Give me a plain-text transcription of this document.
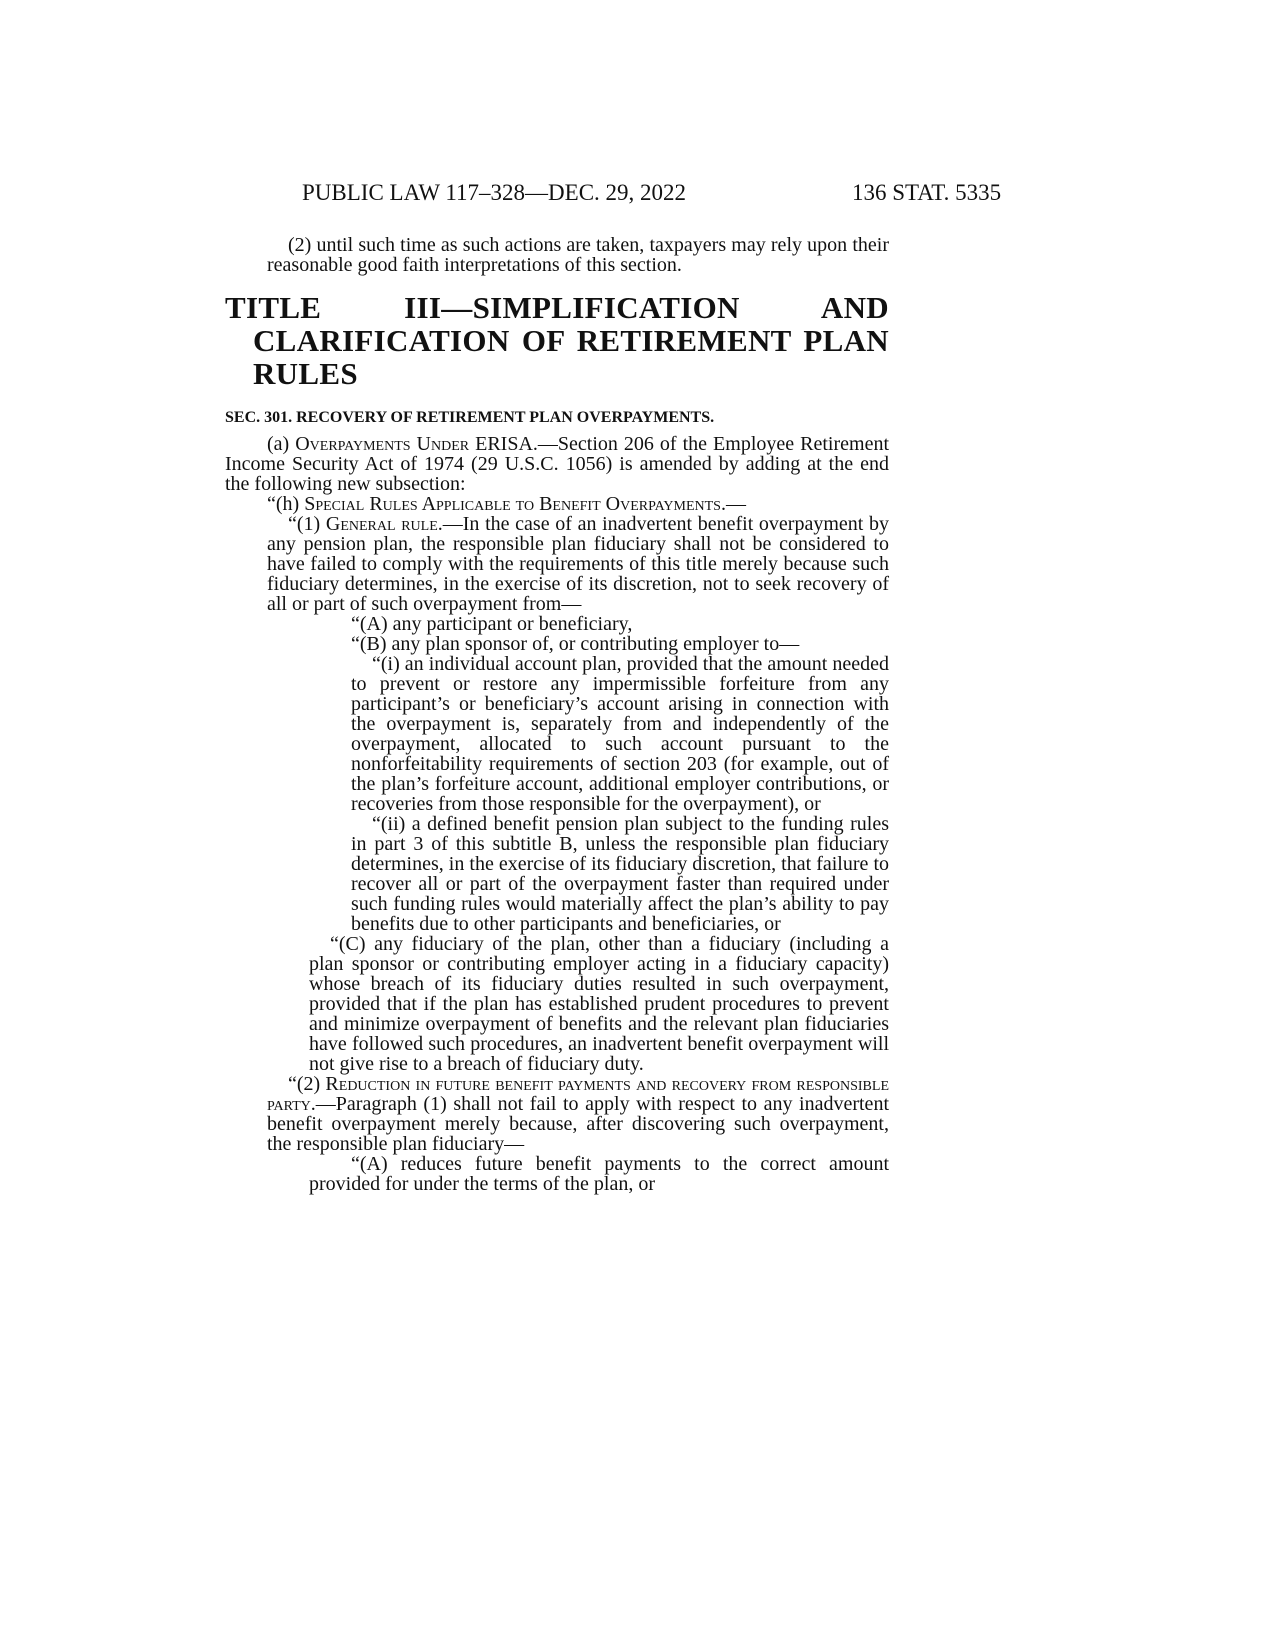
PUBLIC LAW 117–328—DEC. 29, 2022	136 STAT. 5335

(2) until such time as such actions are taken, taxpayers may rely upon their reasonable good faith interpretations of this section.

TITLE III—SIMPLIFICATION AND CLARIFICATION OF RETIREMENT PLAN RULES
SEC. 301. RECOVERY OF RETIREMENT PLAN OVERPAYMENTS.

(a) Overpayments Under ERISA.—Section 206 of the Employee Retirement Income Security Act of 1974 (29 U.S.C. 1056) is amended by adding at the end the following new subsection:

“(h) Special Rules Applicable to Benefit Overpayments.—

“(1) General rule.—In the case of an inadvertent benefit overpayment by any pension plan, the responsible plan fiduciary shall not be considered to have failed to comply with the requirements of this title merely because such fiduciary determines, in the exercise of its discretion, not to seek recovery of all or part of such overpayment from—

“(A) any participant or beneficiary,

“(B) any plan sponsor of, or contributing employer to—

“(i) an individual account plan, provided that the amount needed to prevent or restore any impermissible forfeiture from any participant’s or beneficiary’s account arising in connection with the overpayment is, separately from and independently of the overpayment, allocated to such account pursuant to the nonforfeitability requirements of section 203 (for example, out of the plan’s forfeiture account, additional employer contributions, or recoveries from those responsible for the overpayment), or

“(ii) a defined benefit pension plan subject to the funding rules in part 3 of this subtitle B, unless the responsible plan fiduciary determines, in the exercise of its fiduciary discretion, that failure to recover all or part of the overpayment faster than required under such funding rules would materially affect the plan’s ability to pay benefits due to other participants and beneficiaries, or

“(C) any fiduciary of the plan, other than a fiduciary (including a plan sponsor or contributing employer acting in a fiduciary capacity) whose breach of its fiduciary duties resulted in such overpayment, provided that if the plan has established prudent procedures to prevent and minimize overpayment of benefits and the relevant plan fiduciaries have followed such procedures, an inadvertent benefit overpayment will not give rise to a breach of fiduciary duty.

“(2) Reduction in future benefit payments and recovery from responsible party.—Paragraph (1) shall not fail to apply with respect to any inadvertent benefit overpayment merely because, after discovering such overpayment, the responsible plan fiduciary—

“(A) reduces future benefit payments to the correct amount provided for under the terms of the plan, or
